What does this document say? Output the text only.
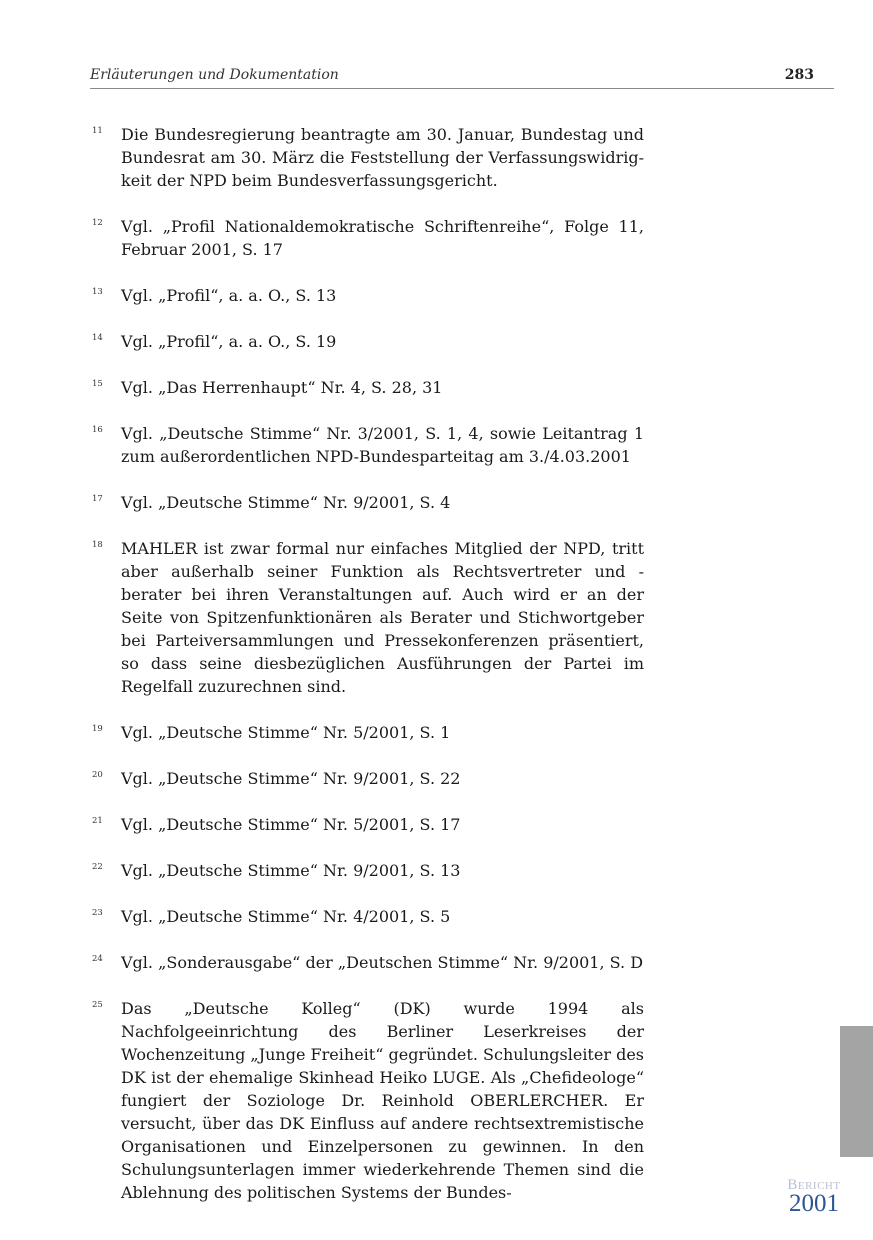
Erläuterungen und Dokumentation	283
11 Die Bundesregierung beantragte am 30. Januar, Bundestag und Bundesrat am 30. März die Feststellung der Verfassungswidrigkeit der NPD beim Bundesverfassungsgericht.
12 Vgl. „Profil Nationaldemokratische Schriftenreihe“, Folge 11, Februar 2001, S. 17
13 Vgl. „Profil“, a. a. O., S. 13
14 Vgl. „Profil“, a. a. O., S. 19
15 Vgl. „Das Herrenhaupt“ Nr. 4, S. 28, 31
16 Vgl. „Deutsche Stimme“ Nr. 3/2001, S. 1, 4, sowie Leitantrag 1 zum außerordentlichen NPD-Bundesparteitag am 3./4.03.2001
17 Vgl. „Deutsche Stimme“ Nr. 9/2001, S. 4
18 MAHLER ist zwar formal nur einfaches Mitglied der NPD, tritt aber außerhalb seiner Funktion als Rechtsvertreter und -berater bei ihren Veranstaltungen auf. Auch wird er an der Seite von Spitzenfunktionären als Berater und Stichwortgeber bei Parteiversammlungen und Pressekonferenzen präsentiert, so dass seine diesbezüglichen Ausführungen der Partei im Regelfall zuzurechnen sind.
19 Vgl. „Deutsche Stimme“ Nr. 5/2001, S. 1
20 Vgl. „Deutsche Stimme“ Nr. 9/2001, S. 22
21 Vgl. „Deutsche Stimme“ Nr. 5/2001, S. 17
22 Vgl. „Deutsche Stimme“ Nr. 9/2001, S. 13
23 Vgl. „Deutsche Stimme“ Nr. 4/2001, S. 5
24 Vgl. „Sonderausgabe“ der „Deutschen Stimme“ Nr. 9/2001, S. D
25 Das „Deutsche Kolleg“ (DK) wurde 1994 als Nachfolgeeinrichtung des Berliner Leserkreises der Wochenzeitung „Junge Freiheit“ gegründet. Schulungsleiter des DK ist der ehemalige Skinhead Heiko LUGE. Als „Chefideologe“ fungiert der Soziologe Dr. Reinhold OBERLERCHER. Er versucht, über das DK Einfluss auf andere rechtsextremistische Organisationen und Einzelpersonen zu gewinnen. In den Schulungsunterlagen immer wiederkehrende Themen sind die Ablehnung des politischen Systems der Bundes-	Bericht
2001
